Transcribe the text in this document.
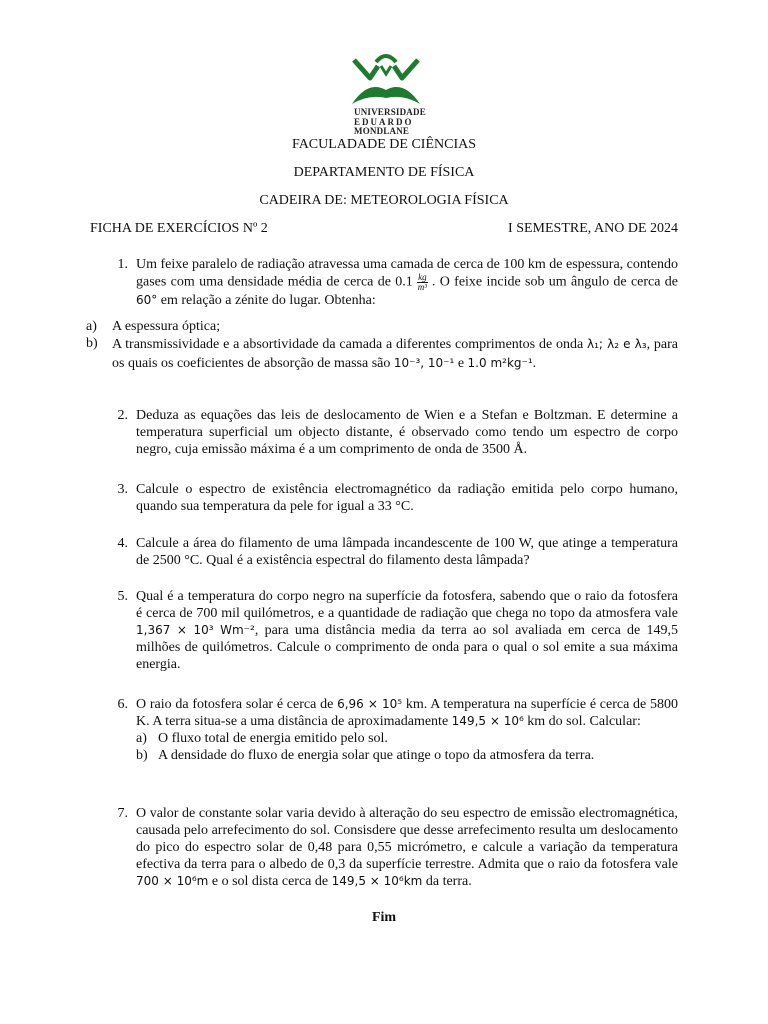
UNIVERSIDADE
EDUARDO
MONDLANE
FACULADADE DE CIÊNCIAS
DEPARTAMENTO DE FÍSICA
CADEIRA DE: METEOROLOGIA FÍSICA
FICHA DE EXERCÍCIOS Nº 2	I SEMESTRE, ANO DE 2024
1. Um feixe paralelo de radiação atravessa uma camada de cerca de 100 km de espessura, contendo gases com uma densidade média de cerca de $0.1 \frac{kg}{\text{m³}}$ . O feixe incide sob um ângulo de cerca de 60° em relação a zénite do lugar. Obtenha:
a) A espessura óptica;
b) A transmissividade e a absortividade da camada a diferentes comprimentos de onda λ₁; λ₂ e λ₃, para os quais os coeficientes de absorção de massa são 10⁻³, 10⁻¹ e 1.0 m²kg⁻¹.
2. Deduza as equações das leis de deslocamento de Wien e a Stefan e Boltzman. E determine a temperatura superficial um objecto distante, é observado como tendo um espectro de corpo negro, cuja emissão máxima é a um comprimento de onda de 3500 Å.
3. Calcule o espectro de existência electromagnético da radiação emitida pelo corpo humano, quando sua temperatura da pele for igual a 33 °C.
4. Calcule a área do filamento de uma lâmpada incandescente de 100 W, que atinge a temperatura de 2500 °C. Qual é a existência espectral do filamento desta lâmpada?
5. Qual é a temperatura do corpo negro na superfície da fotosfera, sabendo que o raio da fotosfera é cerca de 700 mil quilómetros, e a quantidade de radiação que chega no topo da atmosfera vale 1,367 × 10³ Wm⁻², para uma distância media da terra ao sol avaliada em cerca de 149,5 milhões de quilómetros. Calcule o comprimento de onda para o qual o sol emite a sua máxima energia.
6. O raio da fotosfera solar é cerca de 6,96 × 10⁵ km. A temperatura na superfície é cerca de 5800 K. A terra situa-se a uma distância de aproximadamente 149,5 × 10⁶ km do sol. Calcular:
a) O fluxo total de energia emitido pelo sol.
b) A densidade do fluxo de energia solar que atinge o topo da atmosfera da terra.
7. O valor de constante solar varia devido à alteração do seu espectro de emissão electromagnética, causada pelo arrefecimento do sol. Consisdere que desse arrefecimento resulta um deslocamento do pico do espectro solar de 0,48 para 0,55 micrómetro, e calcule a variação da temperatura efectiva da terra para o albedo de 0,3 da superfície terrestre. Admita que o raio da fotosfera vale 700 × 10⁶m e o sol dista cerca de 149,5 × 10⁶km da terra.
Fim
